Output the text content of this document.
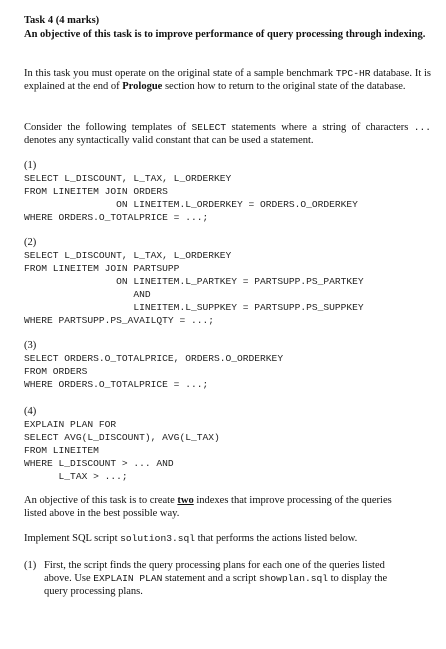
Task 4 (4 marks)
An objective of this task is to improve performance of query processing through indexing.
In this task you must operate on the original state of a sample benchmark TPC-HR database. It is explained at the end of Prologue section how to return to the original state of the database.
Consider the following templates of SELECT statements where a string of characters ... denotes any syntactically valid constant that can be used a statement.
(1)
SELECT L_DISCOUNT, L_TAX, L_ORDERKEY
FROM LINEITEM JOIN ORDERS
ON LINEITEM.L_ORDERKEY = ORDERS.O_ORDERKEY
WHERE ORDERS.O_TOTALPRICE = ...;
(2)
SELECT L_DISCOUNT, L_TAX, L_ORDERKEY
FROM LINEITEM JOIN PARTSUPP
ON LINEITEM.L_PARTKEY = PARTSUPP.PS_PARTKEY
AND
LINEITEM.L_SUPPKEY = PARTSUPP.PS_SUPPKEY
WHERE PARTSUPP.PS_AVAILQTY = ...;
(3)
SELECT ORDERS.O_TOTALPRICE, ORDERS.O_ORDERKEY
FROM ORDERS
WHERE ORDERS.O_TOTALPRICE = ...;
(4)
EXPLAIN PLAN FOR
SELECT AVG(L_DISCOUNT), AVG(L_TAX)
FROM LINEITEM
WHERE L_DISCOUNT > ... AND
L_TAX > ...;
An objective of this task is to create two indexes that improve processing of the queries
listed above in the best possible way.
Implement SQL script solution3.sql that performs the actions listed below.
(1) First, the script finds the query processing plans for each one of the queries listed
above. Use EXPLAIN PLAN statement and a script showplan.sql to display the
query processing plans.
